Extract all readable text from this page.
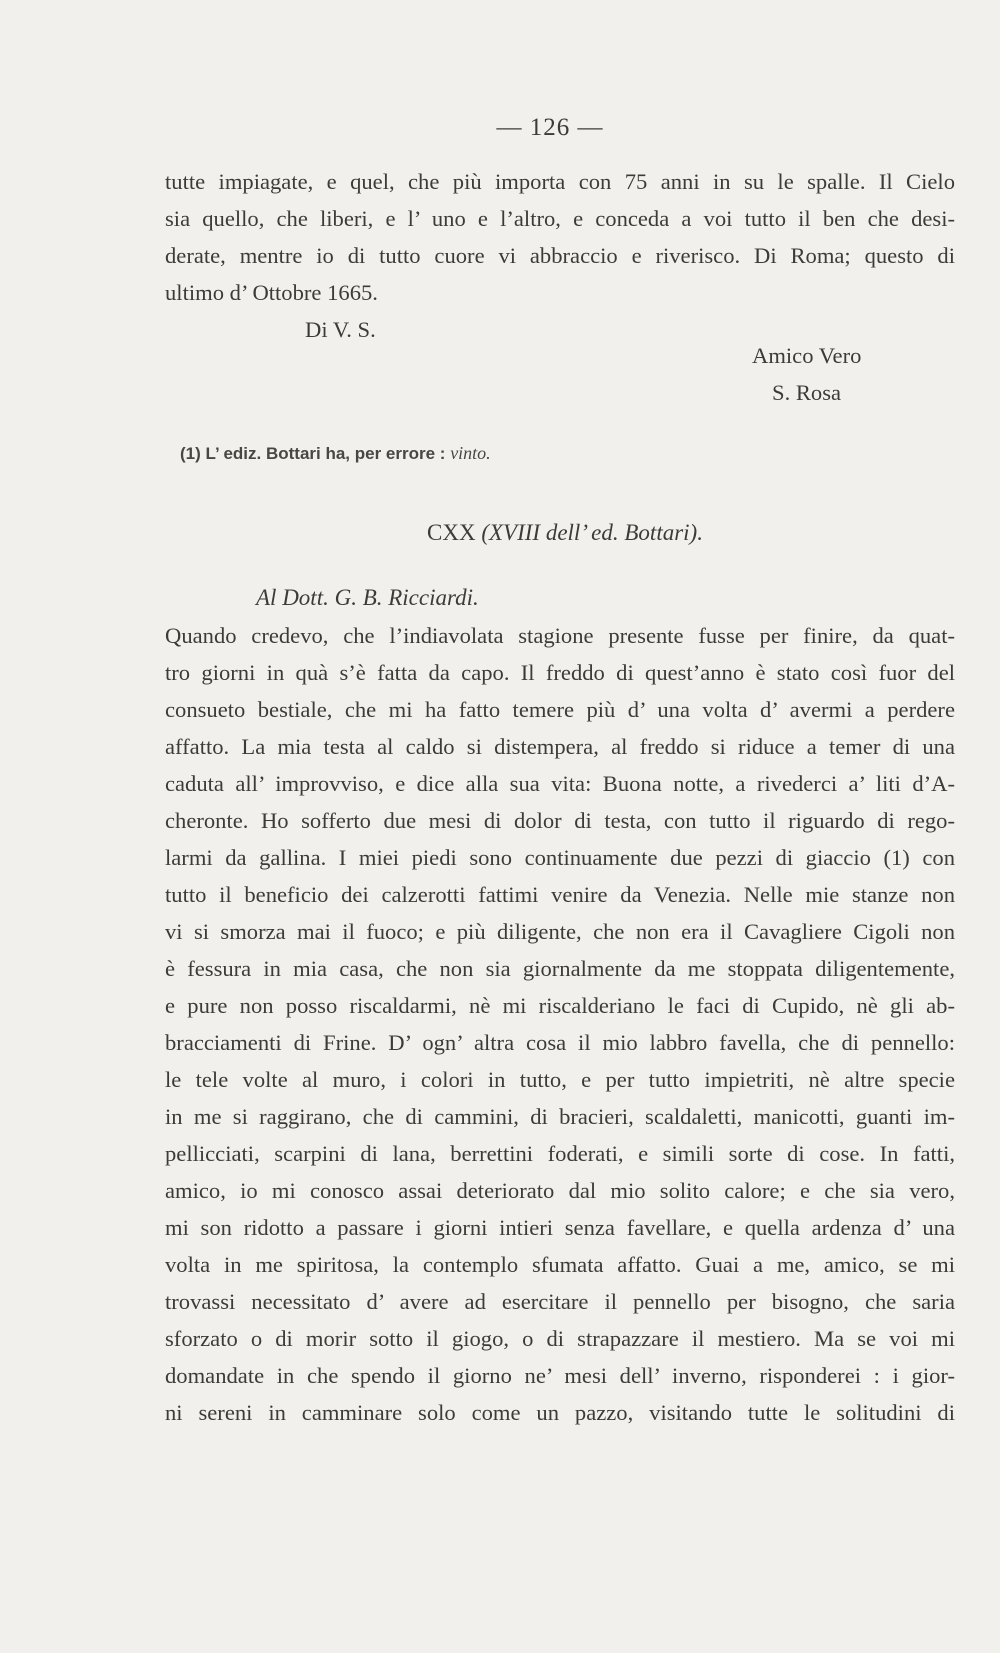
— 126 —
tutte impiagate, e quel, che più importa con 75 anni in su le spalle. Il Cielo
sia quello, che liberi, e l’ uno e l’altro, e conceda a voi tutto il ben che desi-
derate, mentre io di tutto cuore vi abbraccio e riverisco. Di Roma; questo di
ultimo d’ Ottobre 1665.
Di V. S.
Amico Vero
S. Rosa
(1) L’ ediz. Bottari ha, per errore : vinto.
CXX (XVIII dell’ ed. Bottari).
Al Dott. G. B. Ricciardi.
Quando credevo, che l’indiavolata stagione presente fusse per finire, da quat-
tro giorni in quà s’è fatta da capo. Il freddo di quest’anno è stato così fuor del
consueto bestiale, che mi ha fatto temere più d’ una volta d’ avermi a perdere
affatto. La mia testa al caldo si distempera, al freddo si riduce a temer di una
caduta all’ improvviso, e dice alla sua vita: Buona notte, a rivederci a’ liti d’A-
cheronte. Ho sofferto due mesi di dolor di testa, con tutto il riguardo di rego-
larmi da gallina. I miei piedi sono continuamente due pezzi di giaccio (1) con
tutto il beneficio dei calzerotti fattimi venire da Venezia. Nelle mie stanze non
vi si smorza mai il fuoco; e più diligente, che non era il Cavagliere Cigoli non
è fessura in mia casa, che non sia giornalmente da me stoppata diligentemente,
e pure non posso riscaldarmi, nè mi riscalderiano le faci di Cupido, nè gli ab-
bracciamenti di Frine. D’ ogn’ altra cosa il mio labbro favella, che di pennello:
le tele volte al muro, i colori in tutto, e per tutto impietriti, nè altre specie
in me si raggirano, che di cammini, di bracieri, scaldaletti, manicotti, guanti im-
pellicciati, scarpini di lana, berrettini foderati, e simili sorte di cose. In fatti,
amico, io mi conosco assai deteriorato dal mio solito calore; e che sia vero,
mi son ridotto a passare i giorni intieri senza favellare, e quella ardenza d’ una
volta in me spiritosa, la contemplo sfumata affatto. Guai a me, amico, se mi
trovassi necessitato d’ avere ad esercitare il pennello per bisogno, che saria
sforzato o di morir sotto il giogo, o di strapazzare il mestiero. Ma se voi mi
domandate in che spendo il giorno ne’ mesi dell’ inverno, risponderei : i gior-
ni sereni in camminare solo come un pazzo, visitando tutte le solitudini di
